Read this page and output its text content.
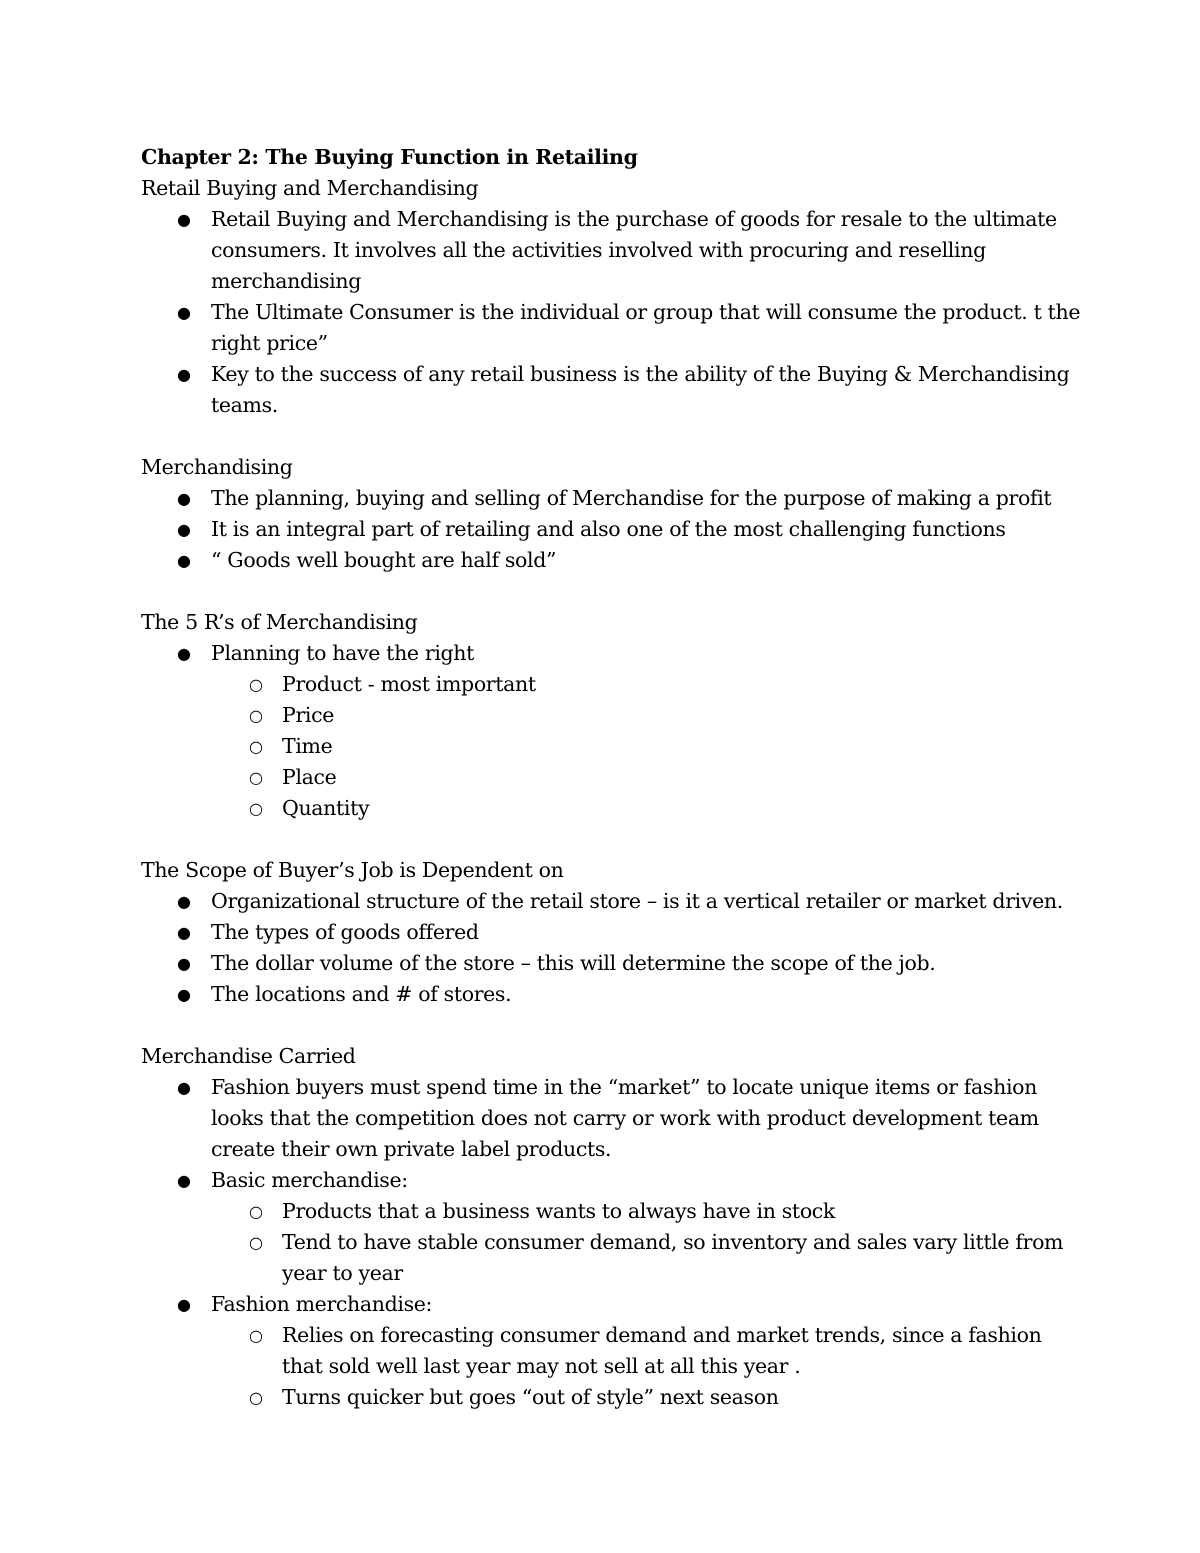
Chapter 2: The Buying Function in Retailing
Retail Buying and Merchandising
● Retail Buying and Merchandising is the purchase of goods for resale to the ultimate consumers. It involves all the activities involved with procuring and reselling merchandising
● The Ultimate Consumer is the individual or group that will consume the product. t the right price”
● Key to the success of any retail business is the ability of the Buying & Merchandising teams.
Merchandising
● The planning, buying and selling of Merchandise for the purpose of making a profit
● It is an integral part of retailing and also one of the most challenging functions
● “ Goods well bought are half sold”
The 5 R’s of Merchandising
● Planning to have the right
○ Product - most important
○ Price
○ Time
○ Place
○ Quantity
The Scope of Buyer’s Job is Dependent on
● Organizational structure of the retail store – is it a vertical retailer or market driven.
● The types of goods offered
● The dollar volume of the store – this will determine the scope of the job.
● The locations and # of stores.
Merchandise Carried
● Fashion buyers must spend time in the “market” to locate unique items or fashion looks that the competition does not carry or work with product development team create their own private label products.
● Basic merchandise:
○ Products that a business wants to always have in stock
○ Tend to have stable consumer demand, so inventory and sales vary little from year to year
● Fashion merchandise:
○ Relies on forecasting consumer demand and market trends, since a fashion that sold well last year may not sell at all this year .
○ Turns quicker but goes “out of style” next season
